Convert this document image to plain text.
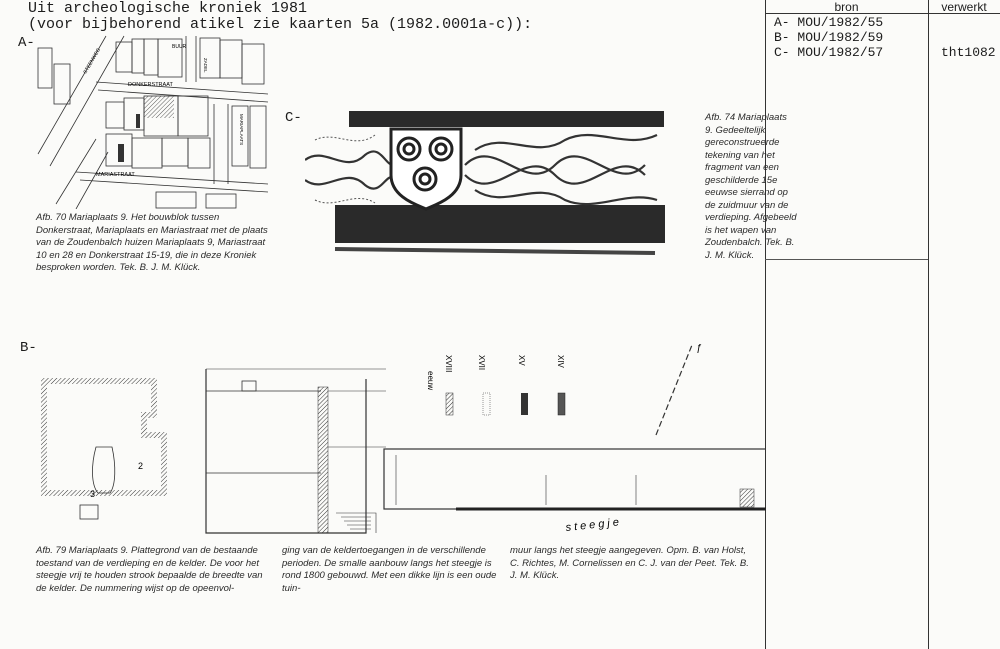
Uit archeologische kroniek 1981
(voor bijbehorend atikel zie kaarten 5a (1982.0001a-c)):
bron	verwerkt
A- MOU/1982/55
B- MOU/1982/59
C- MOU/1982/57	tht1082
A-
C-
B-
DONKERSTRAAT
MARIASTRAAT
BUUR
ZADEL
STEENWEG
MARIAPLAATS
Afb. 70 Mariaplaats 9. Het bouwblok tussen Donkerstraat, Mariaplaats en Mariastraat met de plaats van de Zoudenbalch huizen Mariaplaats 9, Mariastraat 10 en 28 en Donkerstraat 15-19, die in deze Kroniek besproken worden. Tek. B. J. M. Klück.
Afb. 74 Mariaplaats 9. Gedeeltelijk gereconstrueerde tekening van het fragment van een geschilderde 15e eeuwse sierrand op de zuidmuur van de verdieping. Afgebeeld is het wapen van Zoudenbalch. Tek. B. J. M. Klück.
2
3
steegje
XVIII	XVII	XV	XIV
eeuw
ƒ
Afb. 79 Mariaplaats 9. Plattegrond van de bestaande toestand van de verdieping en de kelder. De voor het steegje vrij te houden strook bepaalde de breedte van de kelder. De nummering wijst op de opeenvol-
ging van de keldertoegangen in de verschillende perioden. De smalle aanbouw langs het steegje is rond 1800 gebouwd. Met een dikke lijn is een oude tuin-
muur langs het steegje aangegeven. Opm. B. van Holst, C. Richtes, M. Cornelissen en C. J. van der Peet. Tek. B. J. M. Klück.
